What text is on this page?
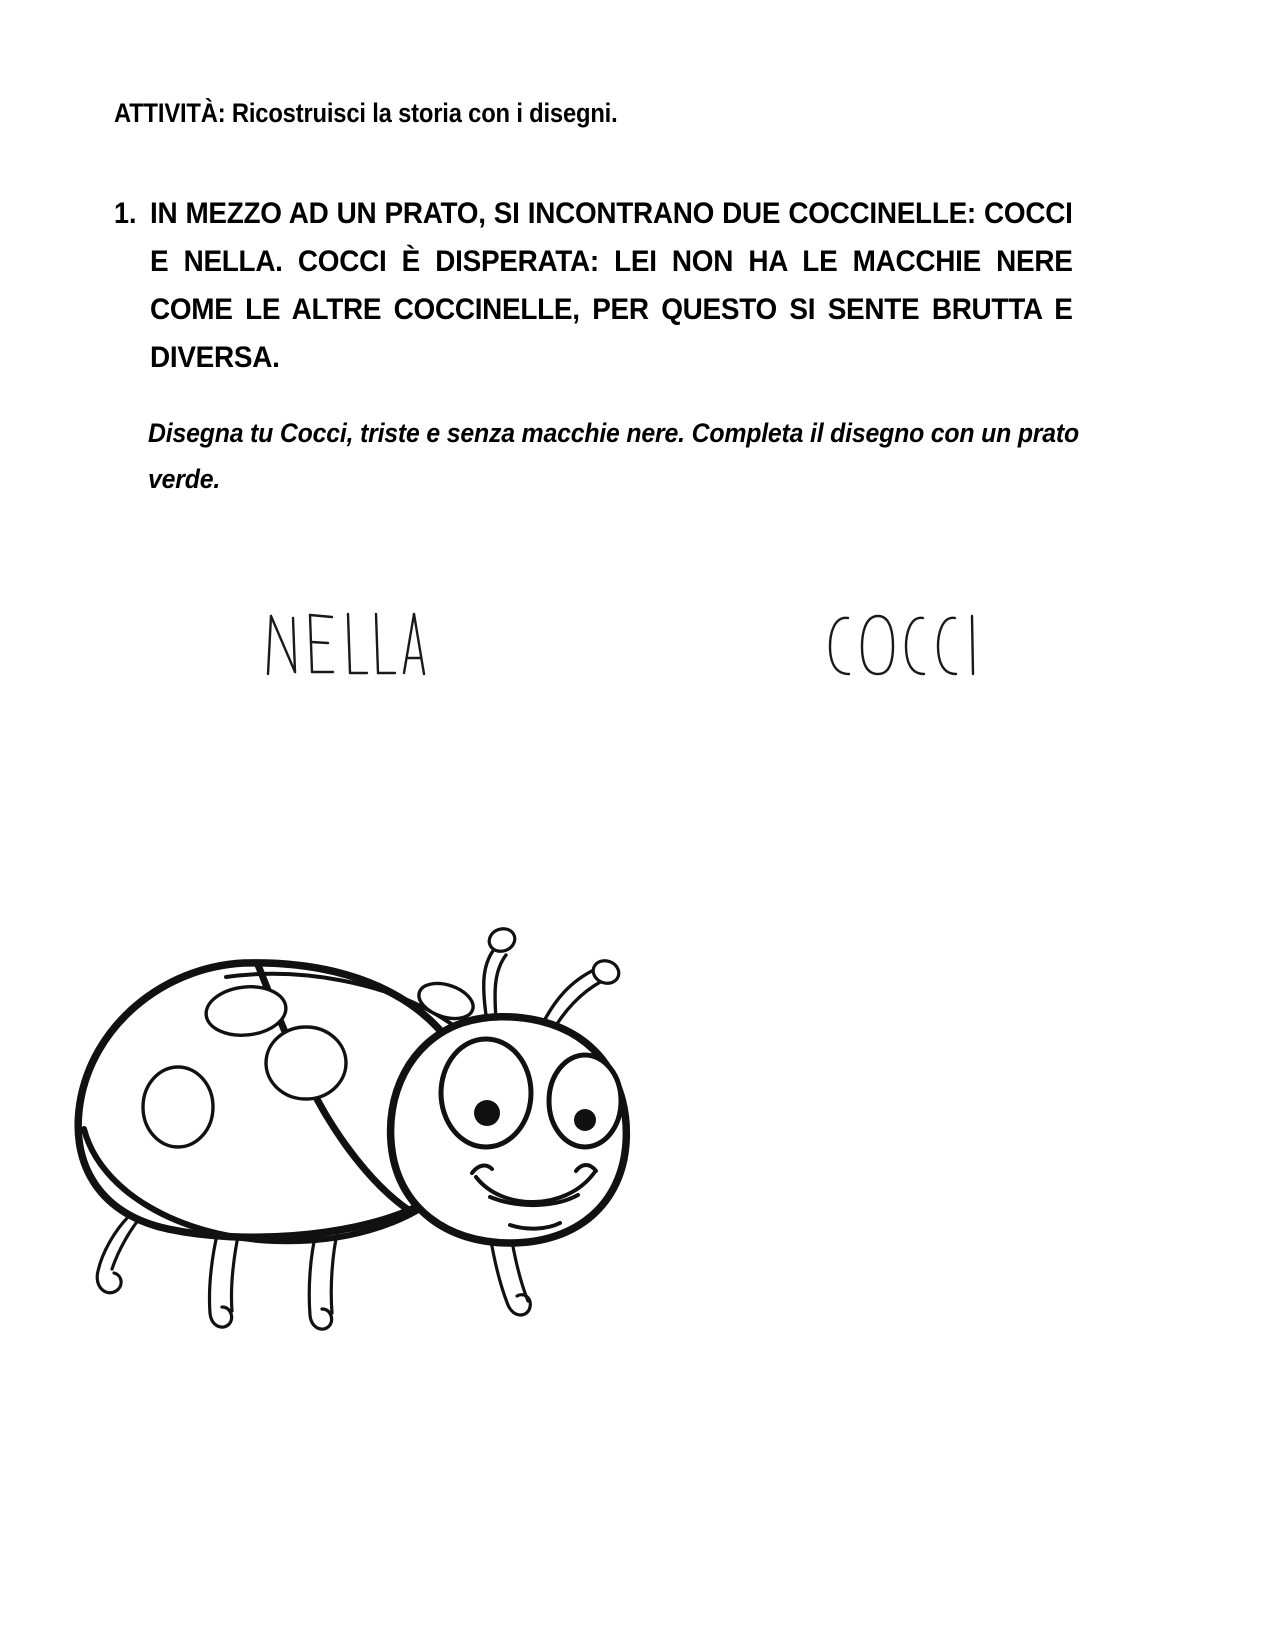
ATTIVITÀ: Ricostruisci la storia con i disegni.
1. IN MEZZO AD UN PRATO, SI INCONTRANO DUE COCCINELLE: COCCI E NELLA. COCCI È DISPERATA: LEI NON HA LE MACCHIE NERE COME LE ALTRE COCCINELLE, PER QUESTO SI SENTE BRUTTA E DIVERSA.
Disegna tu Cocci, triste e senza macchie nere. Completa il disegno con un prato verde.
